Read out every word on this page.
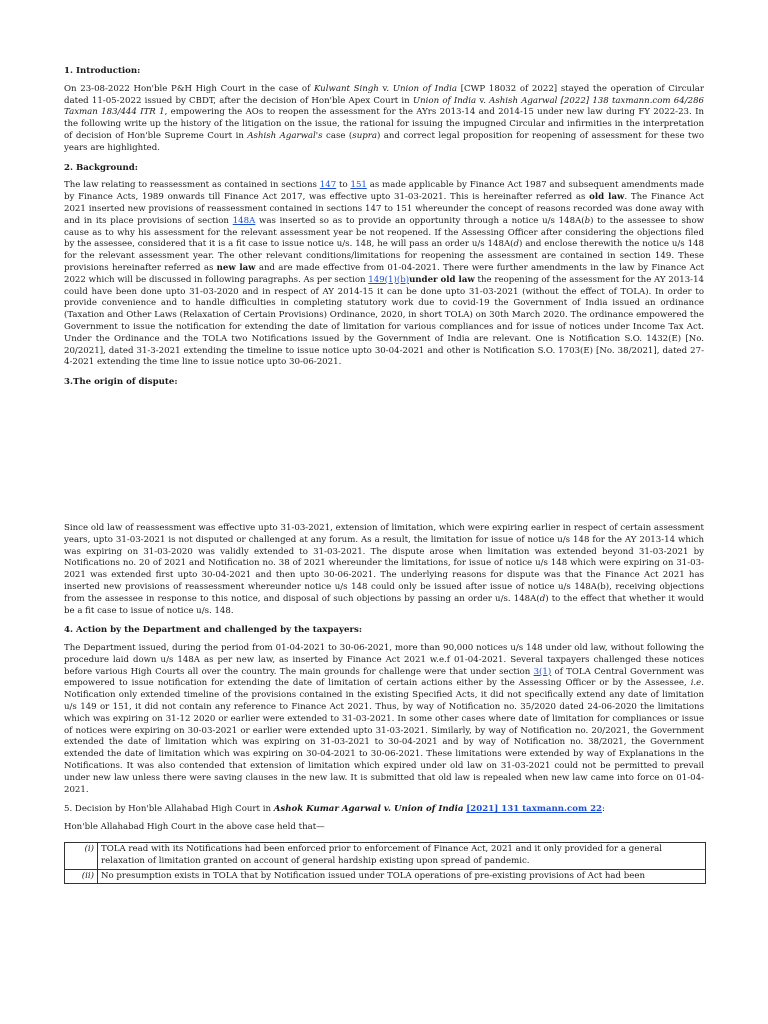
1. Introduction:

On 23-08-2022 Hon'ble P&H High Court in the case of Kulwant Singh v. Union of India [CWP 18032 of 2022] stayed the operation of Circular dated 11-05-2022 issued by CBDT, after the decision of Hon'ble Apex Court in Union of India v. Ashish Agarwal [2022] 138 taxmann.com 64/286 Taxman 183/444 ITR 1, empowering the AOs to reopen the assessment for the AYrs 2013-14 and 2014-15 under new law during FY 2022-23. In the following write up the history of the litigation on the issue, the rational for issuing the impugned Circular and infirmities in the interpretation of decision of Hon'ble Supreme Court in Ashish Agarwal's case (supra) and correct legal proposition for reopening of assessment for these two years are highlighted.

2. Background:

The law relating to reassessment as contained in sections 147 to 151 as made applicable by Finance Act 1987 and subsequent amendments made by Finance Acts, 1989 onwards till Finance Act 2017, was effective upto 31-03-2021. This is hereinafter referred as old law. The Finance Act 2021 inserted new provisions of reassessment contained in sections 147 to 151 whereunder the concept of reasons recorded was done away with and in its place provisions of section 148A was inserted so as to provide an opportunity through a notice u/s 148A(b) to the assessee to show cause as to why his assessment for the relevant assessment year be not reopened. If the Assessing Officer after considering the objections filed by the assessee, considered that it is a fit case to issue notice u/s. 148, he will pass an order u/s 148A(d) and enclose therewith the notice u/s 148 for the relevant assessment year. The other relevant conditions/limitations for reopening the assessment are contained in section 149. These provisions hereinafter referred as new law and are made effective from 01-04-2021. There were further amendments in the law by Finance Act 2022 which will be discussed in following paragraphs. As per section 149(1)(b)under old law the reopening of the assessment for the AY 2013-14 could have been done upto 31-03-2020 and in respect of AY 2014-15 it can be done upto 31-03-2021 (without the effect of TOLA). In order to provide convenience and to handle difficulties in completing statutory work due to covid-19 the Government of India issued an ordinance (Taxation and Other Laws (Relaxation of Certain Provisions) Ordinance, 2020, in short TOLA) on 30th March 2020. The ordinance empowered the Government to issue the notification for extending the date of limitation for various compliances and for issue of notices under Income Tax Act. Under the Ordinance and the TOLA two Notifications issued by the Government of India are relevant. One is Notification S.O. 1432(E) [No. 20/2021], dated 31-3-2021 extending the timeline to issue notice upto 30-04-2021 and other is Notification S.O. 1703(E) [No. 38/2021], dated 27-4-2021 extending the time line to issue notice upto 30-06-2021.

3.The origin of dispute:

Since old law of reassessment was effective upto 31-03-2021, extension of limitation, which were expiring earlier in respect of certain assessment years, upto 31-03-2021 is not disputed or challenged at any forum. As a result, the limitation for issue of notice u/s 148 for the AY 2013-14 which was expiring on 31-03-2020 was validly extended to 31-03-2021. The dispute arose when limitation was extended beyond 31-03-2021 by Notifications no. 20 of 2021 and Notification no. 38 of 2021 whereunder the limitations, for issue of notice u/s 148 which were expiring on 31-03-2021 was extended first upto 30-04-2021 and then upto 30-06-2021. The underlying reasons for dispute was that the Finance Act 2021 has inserted new provisions of reassessment whereunder notice u/s 148 could only be issued after issue of notice u/s 148A(b), receiving objections from the assessee in response to this notice, and disposal of such objections by passing an order u/s. 148A(d) to the effect that whether it would be a fit case to issue of notice u/s. 148.

4. Action by the Department and challenged by the taxpayers:

The Department issued, during the period from 01-04-2021 to 30-06-2021, more than 90,000 notices u/s 148 under old law, without following the procedure laid down u/s 148A as per new law, as inserted by Finance Act 2021 w.e.f 01-04-2021. Several taxpayers challenged these notices before various High Courts all over the country. The main grounds for challenge were that under section 3(1) of TOLA Central Government was empowered to issue notification for extending the date of limitation of certain actions either by the Assessing Officer or by the Assessee, i.e. Notification only extended timeline of the provisions contained in the existing Specified Acts, it did not specifically extend any date of limitation u/s 149 or 151, it did not contain any reference to Finance Act 2021. Thus, by way of Notification no. 35/2020 dated 24-06-2020 the limitations which was expiring on 31-12 2020 or earlier were extended to 31-03-2021. In some other cases where date of limitation for compliances or issue of notices were expiring on 30-03-2021 or earlier were extended upto 31-03-2021. Similarly, by way of Notification no. 20/2021, the Government extended the date of limitation which was expiring on 31-03-2021 to 30-04-2021 and by way of Notification no. 38/2021, the Government extended the date of limitation which was expiring on 30-04-2021 to 30-06-2021. These limitations were extended by way of Explanations in the Notifications. It was also contended that extension of limitation which expired under old law on 31-03-2021 could not be permitted to prevail under new law unless there were saving clauses in the new law. It is submitted that old law is repealed when new law came into force on 01-04-2021.

5. Decision by Hon'ble Allahabad High Court in Ashok Kumar Agarwal v. Union of India [2021] 131 taxmann.com 22:

Hon'ble Allahabad High Court in the above case held that—

(i)	TOLA read with its Notifications had been enforced prior to enforcement of Finance Act, 2021 and it only provided for a general relaxation of limitation granted on account of general hardship existing upon spread of pandemic.
(ii)	No presumption exists in TOLA that by Notification issued under TOLA operations of pre-existing provisions of Act had been
